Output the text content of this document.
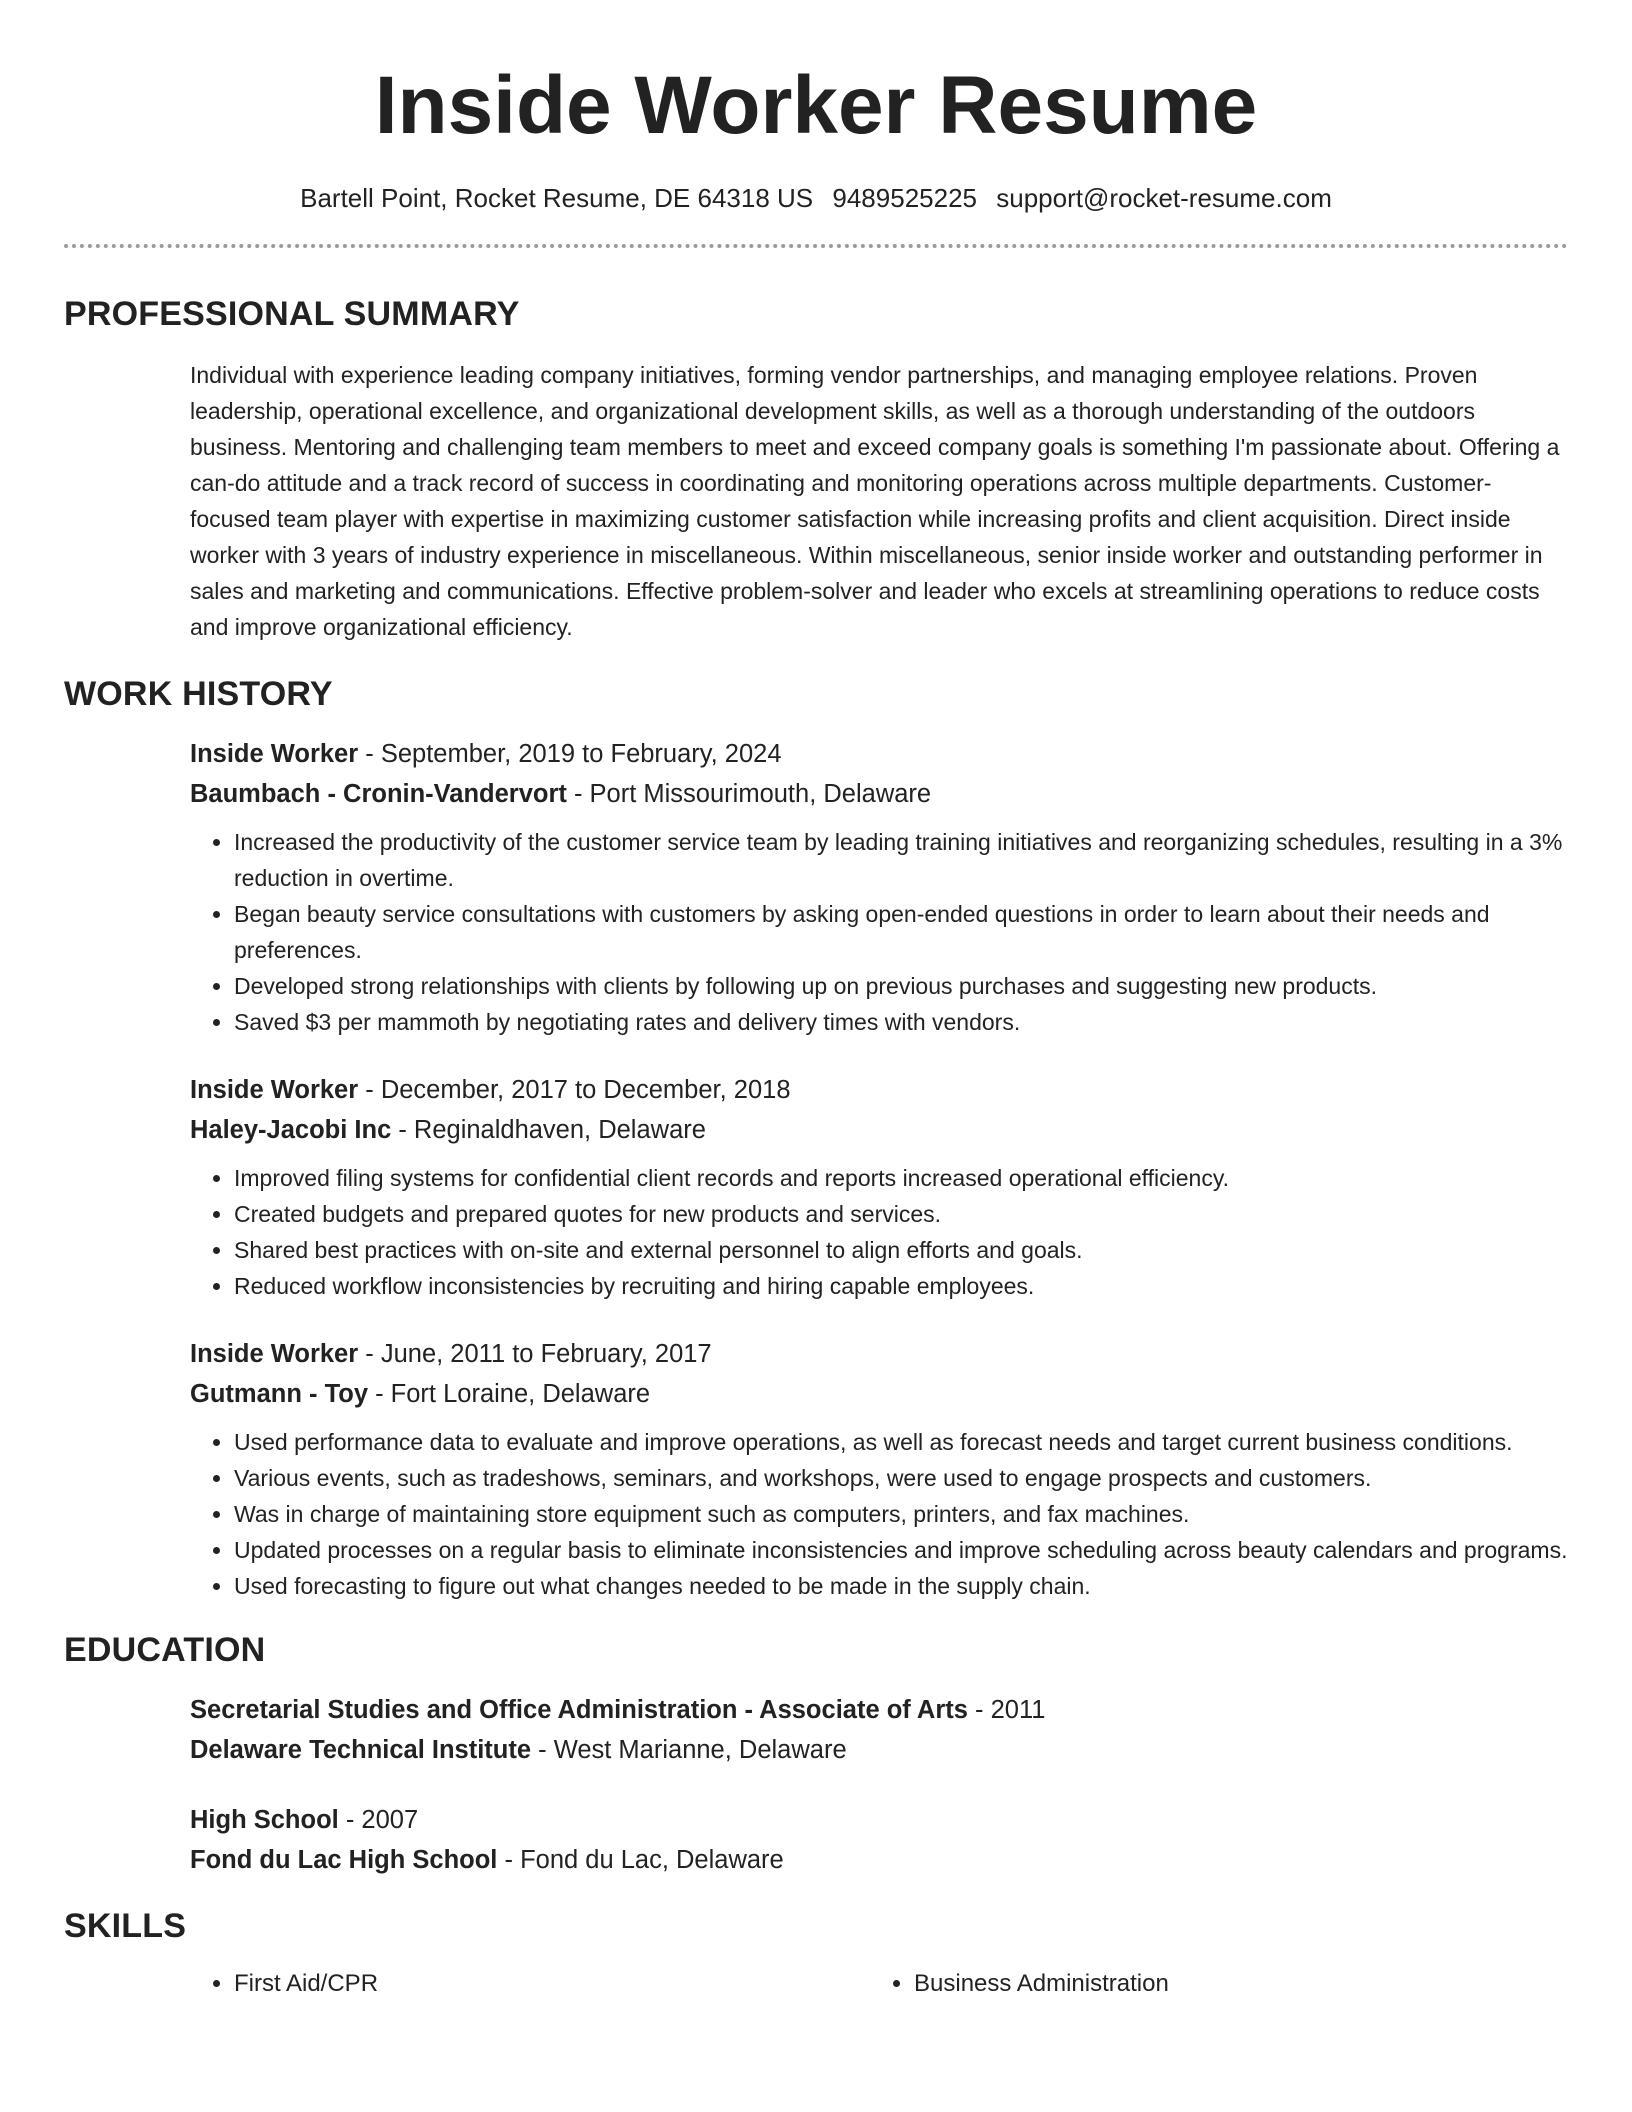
Inside Worker Resume
Bartell Point, Rocket Resume, DE 64318 US 9489525225 support@rocket-resume.com
PROFESSIONAL SUMMARY

Individual with experience leading company initiatives, forming vendor partnerships, and managing employee relations. Proven leadership, operational excellence, and organizational development skills, as well as a thorough understanding of the outdoors business. Mentoring and challenging team members to meet and exceed company goals is something I'm passionate about. Offering a can-do attitude and a track record of success in coordinating and monitoring operations across multiple departments. Customer-focused team player with expertise in maximizing customer satisfaction while increasing profits and client acquisition. Direct inside worker with 3 years of industry experience in miscellaneous. Within miscellaneous, senior inside worker and outstanding performer in sales and marketing and communications. Effective problem-solver and leader who excels at streamlining operations to reduce costs and improve organizational efficiency.

WORK HISTORY
Inside Worker - September, 2019 to February, 2024
Baumbach - Cronin-Vandervort - Port Missourimouth, Delaware
• Increased the productivity of the customer service team by leading training initiatives and reorganizing schedules, resulting in a 3% reduction in overtime.
• Began beauty service consultations with customers by asking open-ended questions in order to learn about their needs and preferences.
• Developed strong relationships with clients by following up on previous purchases and suggesting new products.
• Saved $3 per mammoth by negotiating rates and delivery times with vendors.
Inside Worker - December, 2017 to December, 2018
Haley-Jacobi Inc - Reginaldhaven, Delaware
• Improved filing systems for confidential client records and reports increased operational efficiency.
• Created budgets and prepared quotes for new products and services.
• Shared best practices with on-site and external personnel to align efforts and goals.
• Reduced workflow inconsistencies by recruiting and hiring capable employees.
Inside Worker - June, 2011 to February, 2017
Gutmann - Toy - Fort Loraine, Delaware
• Used performance data to evaluate and improve operations, as well as forecast needs and target current business conditions.
• Various events, such as tradeshows, seminars, and workshops, were used to engage prospects and customers.
• Was in charge of maintaining store equipment such as computers, printers, and fax machines.
• Updated processes on a regular basis to eliminate inconsistencies and improve scheduling across beauty calendars and programs.
• Used forecasting to figure out what changes needed to be made in the supply chain.
EDUCATION
Secretarial Studies and Office Administration - Associate of Arts - 2011
Delaware Technical Institute - West Marianne, Delaware
High School - 2007
Fond du Lac High School - Fond du Lac, Delaware
SKILLS
• First Aid/CPR
•	Business Administration
